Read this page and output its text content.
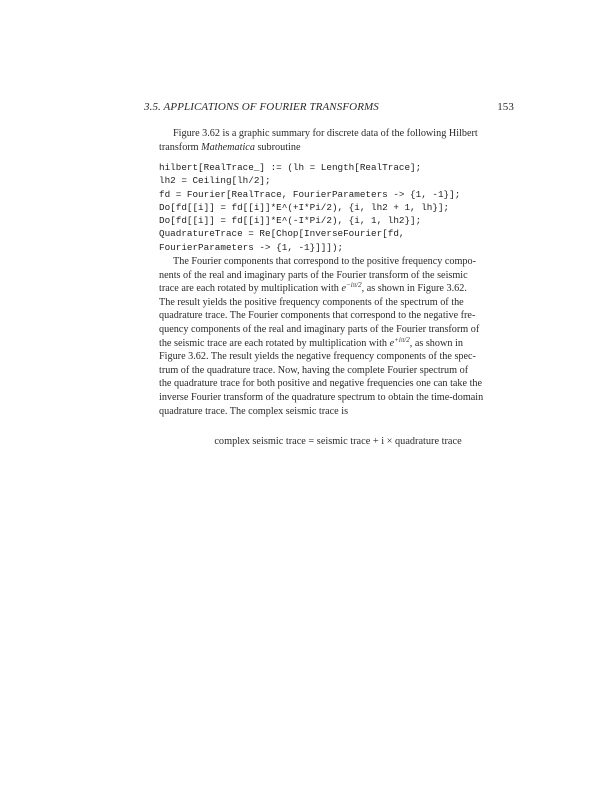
3.5. APPLICATIONS OF FOURIER TRANSFORMS	153
Figure 3.62 is a graphic summary for discrete data of the following Hilbert
transform Mathematica subroutine
hilbert[RealTrace_] := (lh = Length[RealTrace];
lh2 = Ceiling[lh/2];
fd = Fourier[RealTrace, FourierParameters -> {1, -1}];
Do[fd[[i]] = fd[[i]]*E^(+I*Pi/2), {i, lh2 + 1, lh}];
Do[fd[[i]] = fd[[i]]*E^(-I*Pi/2), {i, 1, lh2}];
QuadratureTrace = Re[Chop[InverseFourier[fd,
FourierParameters -> {1, -1}]]]);
The Fourier components that correspond to the positive frequency compo-
nents of the real and imaginary parts of the Fourier transform of the seismic
trace are each rotated by multiplication with $e^{-i\pi/2}$, as shown in Figure 3.62.
The result yields the positive frequency components of the spectrum of the
quadrature trace. The Fourier components that correspond to the negative fre-
quency components of the real and imaginary parts of the Fourier transform of
the seismic trace are each rotated by multiplication with $e^{+i\pi/2}$, as shown in
Figure 3.62. The result yields the negative frequency components of the spec-
trum of the quadrature trace. Now, having the complete Fourier spectrum of
the quadrature trace for both positive and negative frequencies one can take the
inverse Fourier transform of the quadrature spectrum to obtain the time-domain
quadrature trace. The complex seismic trace is
complex seismic trace = seismic trace + i × quadrature trace
